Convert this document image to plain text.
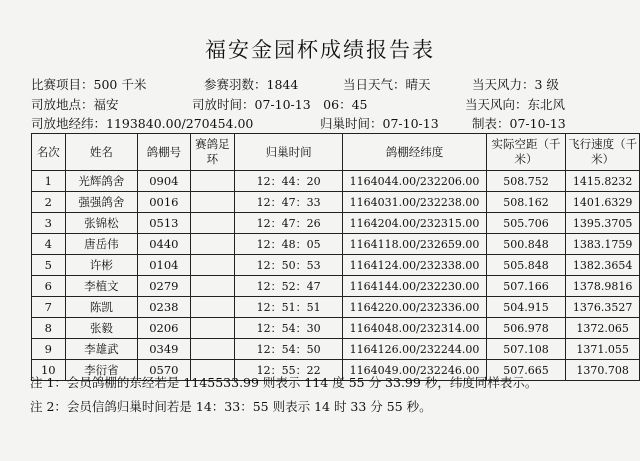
福安金园杯成绩报告表
比赛项目：500 千米	参赛羽数：1844	当日天气：晴天	当天风力：3 级
司放地点：福安	司放时间：07-10-13　06：45	当天风向：东北风
司放地经纬：1193840.00/270454.00	归巢时间：07-10-13	制表：07-10-13
名次	姓名	鸽棚号	赛鸽足环	归巢时间	鸽棚经纬度	实际空距（千米）	飞行速度（千米）
1	光辉鸽舍	0904		12：44：20	1164044.00/232206.00	508.752	1415.8232
2	强强鸽舍	0016		12：47：33	1164031.00/232238.00	508.162	1401.6329
3	张锦松	0513		12：47：26	1164204.00/232315.00	505.706	1395.3705
4	唐岳伟	0440		12：48：05	1164118.00/232659.00	500.848	1383.1759
5	许彬	0104		12：50：53	1164124.00/232338.00	505.848	1382.3654
6	李植文	0279		12：52：47	1164144.00/232230.00	507.166	1378.9816
7	陈凯	0238		12：51：51	1164220.00/232336.00	504.915	1376.3527
8	张毅	0206		12：54：30	1164048.00/232314.00	506.978	1372.065
9	李雄武	0349		12：54：50	1164126.00/232244.00	507.108	1371.055
10	李衍省	0570		12：55：22	1164049.00/232246.00	507.665	1370.708
注 1：会员鸽棚的东经若是 1145533.99 则表示 114 度 55 分 33.99 秒，纬度同样表示。
注 2：会员信鸽归巢时间若是 14：33：55 则表示 14 时 33 分 55 秒。
